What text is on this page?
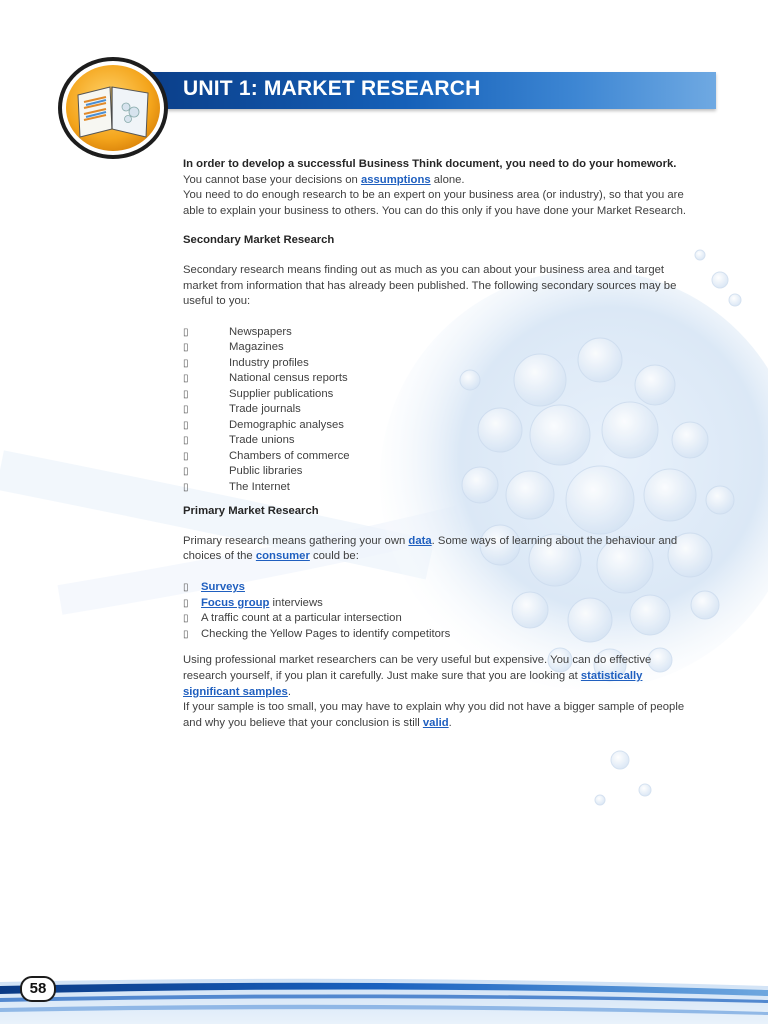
UNIT 1: MARKET RESEARCH

In order to develop a successful Business Think document, you need to do your homework.

You cannot base your decisions on assumptions alone.

You need to do enough research to be an expert on your business area (or industry), so that you are able to explain your business to others. You can do this only if you have done your Market Research.

Secondary Market Research

Secondary research means finding out as much as you can about your business area and target market from information that has already been published. The following secondary sources may be useful to you:

▯	Newspapers
▯	Magazines
▯	Industry profiles
▯	National census reports
▯	Supplier publications
▯	Trade journals
▯	Demographic analyses
▯	Trade unions
▯	Chambers of commerce
▯	Public libraries
▯	The Internet

Primary Market Research

Primary research means gathering your own data. Some ways of learning about the behaviour and choices of the consumer could be:

▯	Surveys
▯	Focus group interviews
▯	A traffic count at a particular intersection
▯	Checking the Yellow Pages to identify competitors

Using professional market researchers can be very useful but expensive. You can do effective research yourself, if you plan it carefully. Just make sure that you are looking at statistically significant samples.

If your sample is too small, you may have to explain why you did not have a bigger sample of people and why you believe that your conclusion is still valid.

58
